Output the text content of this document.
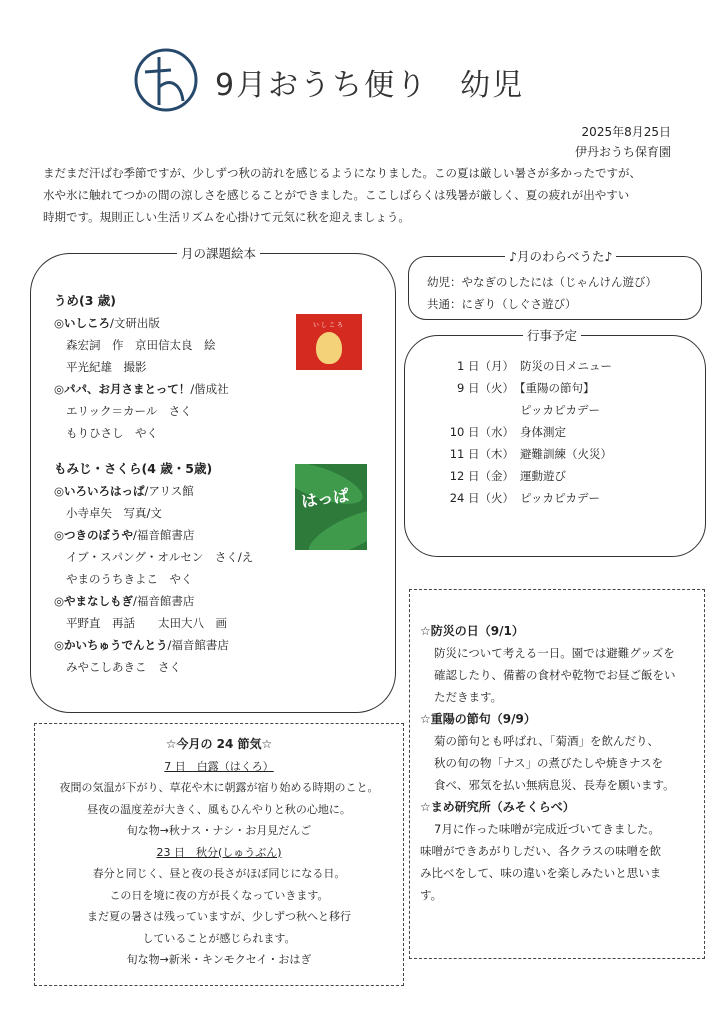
9月おうち便り　幼児
2025年8月25日
伊丹おうち保育園

まだまだ汗ばむ季節ですが、少しずつ秋の訪れを感じるようになりました。この夏は厳しい暑さが多かったですが、

水や氷に触れてつかの間の涼しさを感じることができました。ここしばらくは残暑が厳しく、夏の疲れが出やすい

時期です。規則正しい生活リズムを心掛けて元気に秋を迎えましょう。

月の課題絵本
うめ(3 歳)
◎いしころ/文研出版
森宏詞　作　京田信太良　絵
平光紀雄　撮影
◎パパ、お月さまとって！/偕成社
エリック＝カール　さく
もりひさし　やく
もみじ・さくら(4 歳・5歳)
◎いろいろはっぱ/アリス館
小寺卓矢　写真/文
◎つきのぼうや/福音館書店
イブ・スパング・オルセン　さく/え
やまのうちきよこ　やく
◎やまなしもぎ/福音館書店
平野直　再話　　太田大八　画
◎かいちゅうでんとう/福音館書店
みやこしあきこ　さく
いしころ
はっぱ
♪月のわらべうた♪
幼児：やなぎのしたには（じゃんけん遊び）
共通：にぎり（しぐさ遊び）
行事予定
1 日（月） 防災の日メニュー
9 日（火） 【重陽の節句】
ピッカピカデー
10 日（水） 身体測定
11 日（木） 避難訓練（火災）
12 日（金） 運動遊び
24 日（火） ピッカピカデー
☆今月の 24 節気☆
7 日　白露（はくろ）
夜間の気温が下がり、草花や木に朝露が宿り始める時期のこと。
昼夜の温度差が大きく、風もひんやりと秋の心地に。
旬な物→秋ナス・ナシ・お月見だんご
23 日　秋分(しゅうぶん)
春分と同じく、昼と夜の長さがほぼ同じになる日。
この日を境に夜の方が長くなっていきます。
まだ夏の暑さは残っていますが、少しずつ秋へと移行
していることが感じられます。
旬な物→新米・キンモクセイ・おはぎ
☆防災の日（9/1）
防災について考える一日。園では避難グッズを
確認したり、備蓄の食材や乾物でお昼ご飯をい
ただきます。
☆重陽の節句（9/9）
菊の節句とも呼ばれ、「菊酒」を飲んだり、
秋の旬の物「ナス」の煮びたしや焼きナスを
食べ、邪気を払い無病息災、長寿を願います。
☆まめ研究所（みそくらべ）
7月に作った味噌が完成近づいてきました。
味噌ができあがりしだい、各クラスの味噌を飲
み比べをして、味の違いを楽しみたいと思いま
す。
